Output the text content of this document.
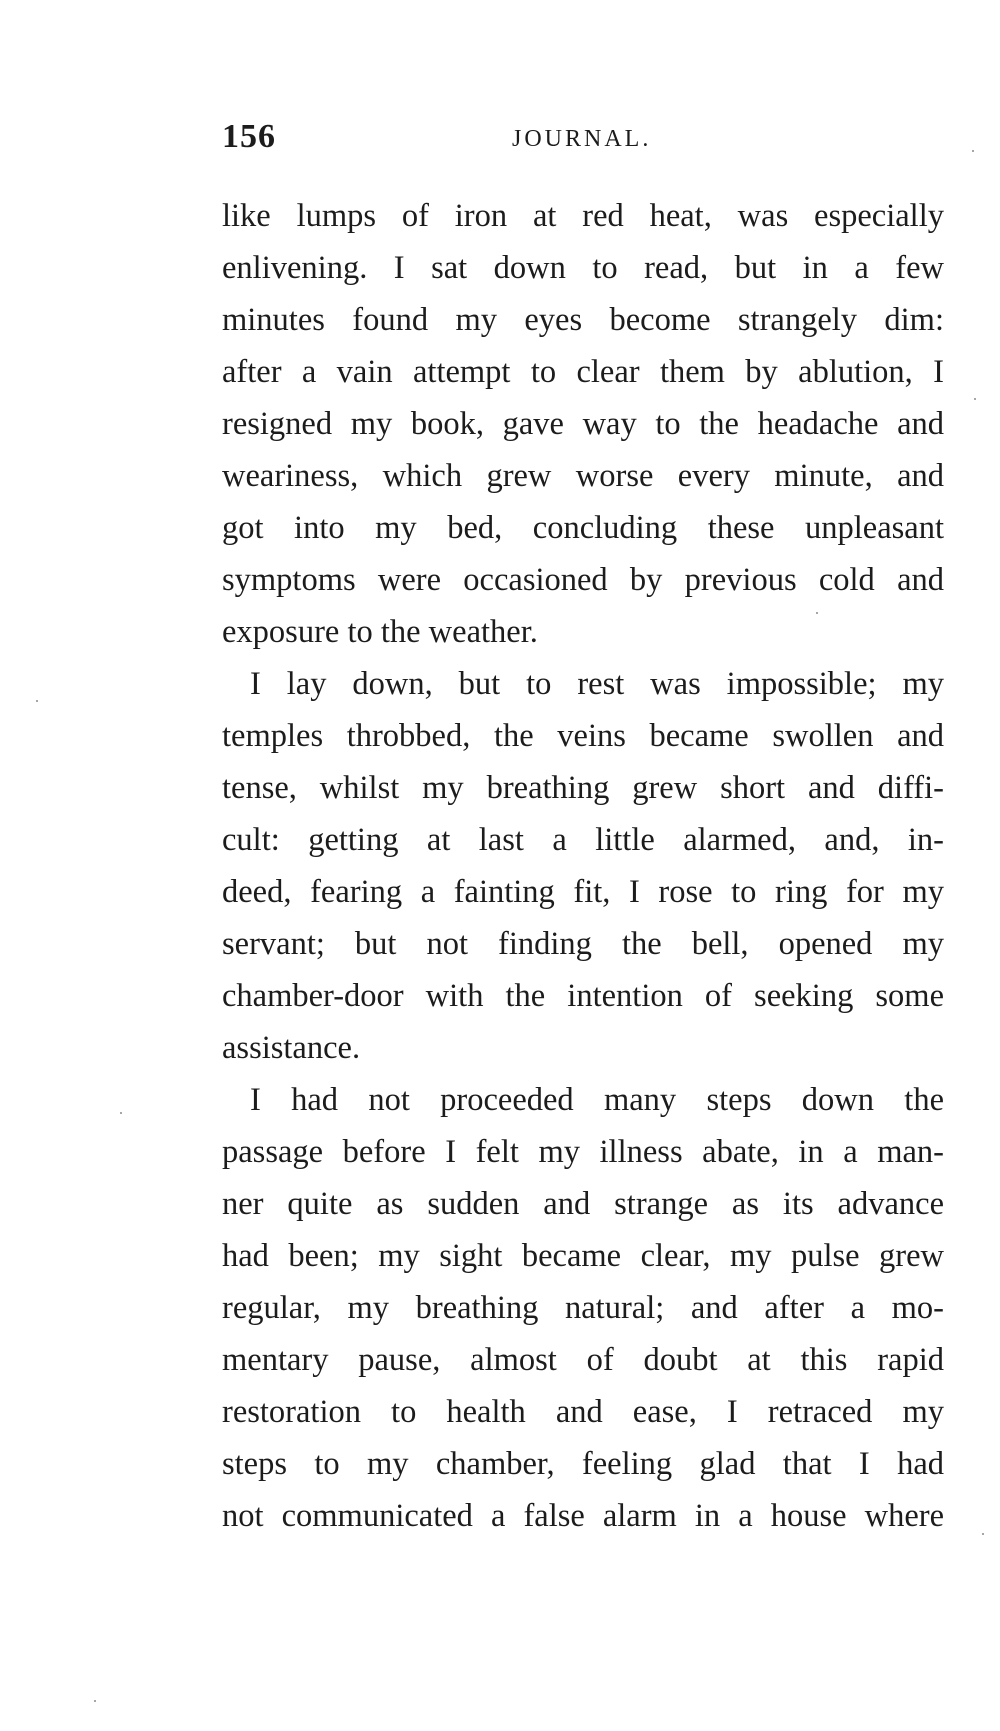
156	JOURNAL.
like lumps of iron at red heat, was especially
enlivening. I sat down to read, but in a few
minutes found my eyes become strangely dim:
after a vain attempt to clear them by ablution, I
resigned my book, gave way to the headache and
weariness, which grew worse every minute, and
got into my bed, concluding these unpleasant
symptoms were occasioned by previous cold and
exposure to the weather.
I lay down, but to rest was impossible; my
temples throbbed, the veins became swollen and
tense, whilst my breathing grew short and diffi-
cult: getting at last a little alarmed, and, in-
deed, fearing a fainting fit, I rose to ring for my
servant; but not finding the bell, opened my
chamber-door with the intention of seeking some
assistance.
I had not proceeded many steps down the
passage before I felt my illness abate, in a man-
ner quite as sudden and strange as its advance
had been; my sight became clear, my pulse grew
regular, my breathing natural; and after a mo-
mentary pause, almost of doubt at this rapid
restoration to health and ease, I retraced my
steps to my chamber, feeling glad that I had
not communicated a false alarm in a house where
